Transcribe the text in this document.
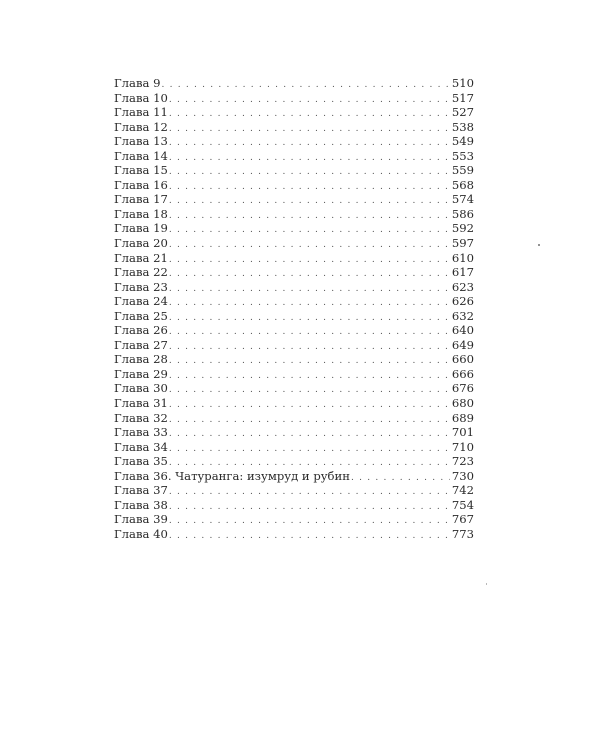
Глава 9 . . .	510
Глава 10 . . .	517
Глава 11 . . .	527
Глава 12 . . .	538
Глава 13 . . .	549
Глава 14 . . .	553
Глава 15 . . .	559
Глава 16 . . .	568
Глава 17 . . .	574
Глава 18 . . .	586
Глава 19 . . .	592
Глава 20 . . .	597
Глава 21 . . .	610
Глава 22 . . .	617
Глава 23 . . .	623
Глава 24 . . .	626
Глава 25 . . .	632
Глава 26 . . .	640
Глава 27 . . .	649
Глава 28 . . .	660
Глава 29 . . .	666
Глава 30 . . .	676
Глава 31 . . .	680
Глава 32 . . .	689
Глава 33 . . .	701
Глава 34 . . .	710
Глава 35 . . .	723
Глава 36. Чатуранга: изумруд и рубин . . .	730
Глава 37 . . .	742
Глава 38 . . .	754
Глава 39 . . .	767
Глава 40 . . .	773
